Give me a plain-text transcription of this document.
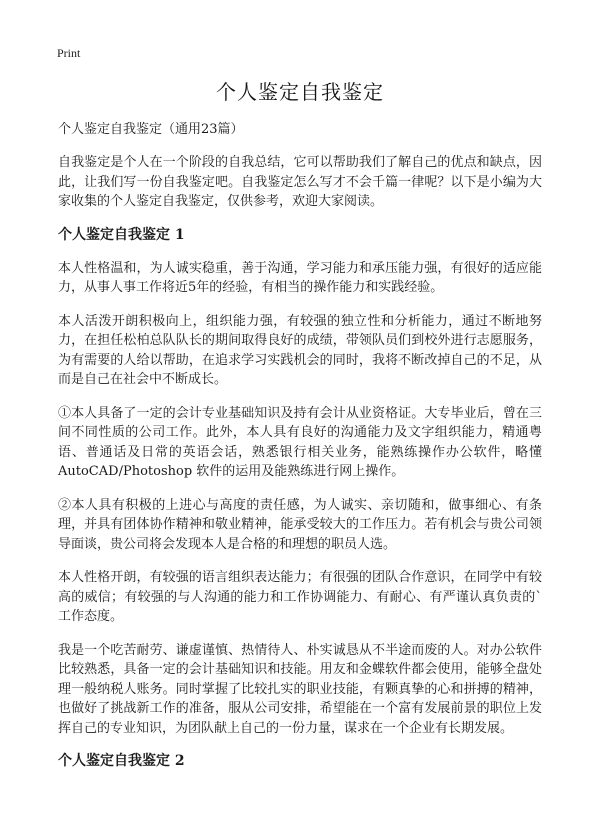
Print
个人鉴定自我鉴定

个人鉴定自我鉴定（通用23篇）

自我鉴定是个人在一个阶段的自我总结，它可以帮助我们了解自己的优点和缺点，因此，让我们写一份自我鉴定吧。自我鉴定怎么写才不会千篇一律呢？以下是小编为大家收集的个人鉴定自我鉴定，仅供参考，欢迎大家阅读。

个人鉴定自我鉴定 1

本人性格温和，为人诚实稳重，善于沟通，学习能力和承压能力强，有很好的适应能力，从事人事工作将近5年的经验，有相当的操作能力和实践经验。

本人活泼开朗积极向上，组织能力强，有较强的独立性和分析能力，通过不断地努力，在担任松柏总队队长的期间取得良好的成绩，带领队员们到校外进行志愿服务，为有需要的人给以帮助，在追求学习实践机会的同时，我将不断改掉自己的不足，从而是自己在社会中不断成长。

①本人具备了一定的会计专业基础知识及持有会计从业资格证。大专毕业后，曾在三间不同性质的公司工作。此外，本人具有良好的沟通能力及文字组织能力，精通粤语、普通话及日常的英语会话，熟悉银行相关业务，能熟练操作办公软件，略懂AutoCAD/Photoshop 软件的运用及能熟练进行网上操作。

②本人具有积极的上进心与高度的责任感，为人诚实、亲切随和，做事细心、有条理，并具有团体协作精神和敬业精神，能承受较大的工作压力。若有机会与贵公司领导面谈，贵公司将会发现本人是合格的和理想的职员人选。

本人性格开朗，有较强的语言组织表达能力；有很强的团队合作意识，在同学中有较高的威信；有较强的与人沟通的能力和工作协调能力、有耐心、有严谨认真负责的`工作态度。

我是一个吃苦耐劳、谦虚谨慎、热情待人、朴实诚恳从不半途而废的人。对办公软件比较熟悉，具备一定的会计基础知识和技能。用友和金蝶软件都会使用，能够全盘处理一般纳税人账务。同时掌握了比较扎实的职业技能，有颗真挚的心和拼搏的精神，也做好了挑战新工作的准备，服从公司安排，希望能在一个富有发展前景的职位上发挥自己的专业知识，为团队献上自己的一份力量，谋求在一个企业有长期发展。

个人鉴定自我鉴定 2
